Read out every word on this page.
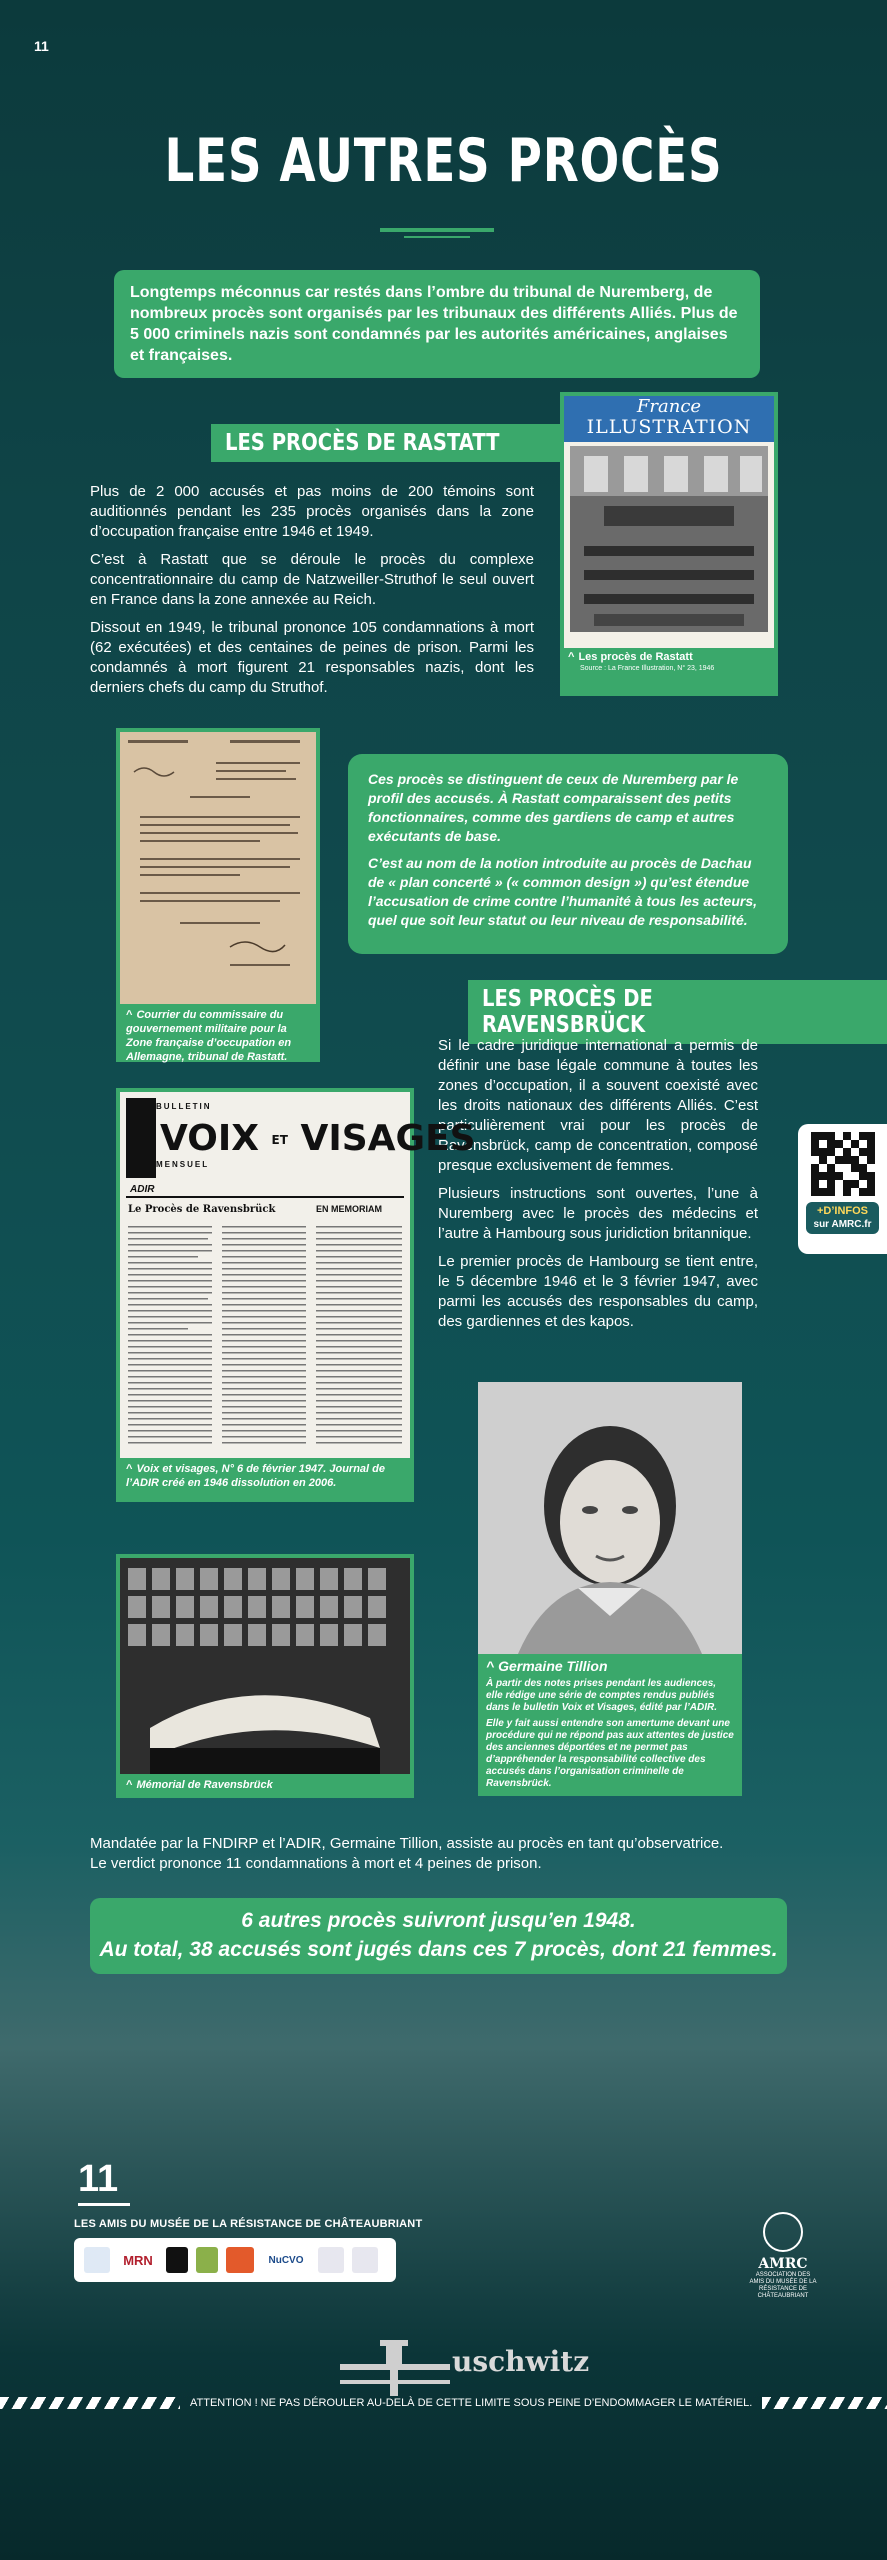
11
LES AUTRES PROCÈS
Longtemps méconnus car restés dans l’ombre du tribunal de Nuremberg, de nombreux procès sont organisés par les tribunaux des différents Alliés. Plus de 5 000 criminels nazis sont condamnés par les autorités américaines, anglaises et françaises.
LES PROCÈS DE RASTATT

Plus de 2 000 accusés et pas moins de 200 témoins sont auditionnés pendant les 235 procès organisés dans la zone d’occupation française entre 1946 et 1949.

C’est à Rastatt que se déroule le procès du complexe concentrationnaire du camp de Natzweiller-Struthof le seul ouvert en France dans la zone annexée au Reich.

Dissout en 1949, le tribunal prononce 105 condamnations à mort (62 exécutées) et des centaines de peines de prison. Parmi les condamnés à mort figurent 21 responsables nazis, dont les derniers chefs du camp du Struthof.

France
ILLUSTRATION
^ Les procès de Rastatt
Source : La France Illustration, N° 23, 1946
^ Courrier du commissaire du gouvernement militaire pour la Zone française d’occupation en Allemagne, tribunal de Rastatt.

Ces procès se distinguent de ceux de Nuremberg par le profil des accusés. À Rastatt comparaissent des petits fonctionnaires, comme des gardiens de camp et autres exécutants de base.

C’est au nom de la notion introduite au procès de Dachau de « plan concerté » (« common design ») qu’est étendue l’accusation de crime contre l’humanité à tous les acteurs, quel que soit leur statut ou leur niveau de responsabilité.

LES PROCÈS DE RAVENSBRÜCK

Si le cadre juridique international a permis de définir une base légale commune à toutes les zones d’occupation, il a souvent coexisté avec les droits nationaux des différents Alliés. C’est particulièrement vrai pour les procès de Ravensbrück, camp de concentration, composé presque exclusivement de femmes.

Plusieurs instructions sont ouvertes, l’une à Nuremberg avec le procès des médecins et l’autre à Hambourg sous juridiction britannique.

Le premier procès de Hambourg se tient entre, le 5 décembre 1946 et le 3 février 1947, avec parmi les accusés des responsables du camp, des gardiennes et des kapos.

BULLETIN
VOIX ET VISAGES
MENSUEL
ADIR
Le Procès de Ravensbrück	EN MEMORIAM
^ Voix et visages, N° 6 de février 1947. Journal de l’ADIR créé en 1946 dissolution en 2006.
^ Germaine Tillion
À partir des notes prises pendant les audiences, elle rédige une série de comptes rendus publiés dans le bulletin Voix et Visages, édité par l’ADIR.
Elle y fait aussi entendre son amertume devant une procédure qui ne répond pas aux attentes de justice des anciennes déportées et ne permet pas d’appréhender la responsabilité collective des accusés dans l’organisation criminelle de Ravensbrück.
^ Mémorial de Ravensbrück
Mandatée par la FNDIRP et l’ADIR, Germaine Tillion, assiste au procès en tant qu’observatrice.
Le verdict prononce 11 condamnations à mort et 4 peines de prison.
6 autres procès suivront jusqu’en 1948.
Au total, 38 accusés sont jugés dans ces 7 procès, dont 21 femmes.
+D’INFOS
sur AMRC.fr
11
LES AMIS DU MUSÉE DE LA RÉSISTANCE DE CHÂTEAUBRIANT
MRN	NuCVO	AMRC
ASSOCIATION DES AMIS DU MUSÉE DE LA RÉSISTANCE DE CHÂTEAUBRIANT
uschwitz
ATTENTION ! NE PAS DÉROULER AU-DELÀ DE CETTE LIMITE SOUS PEINE D’ENDOMMAGER LE MATÉRIEL.
